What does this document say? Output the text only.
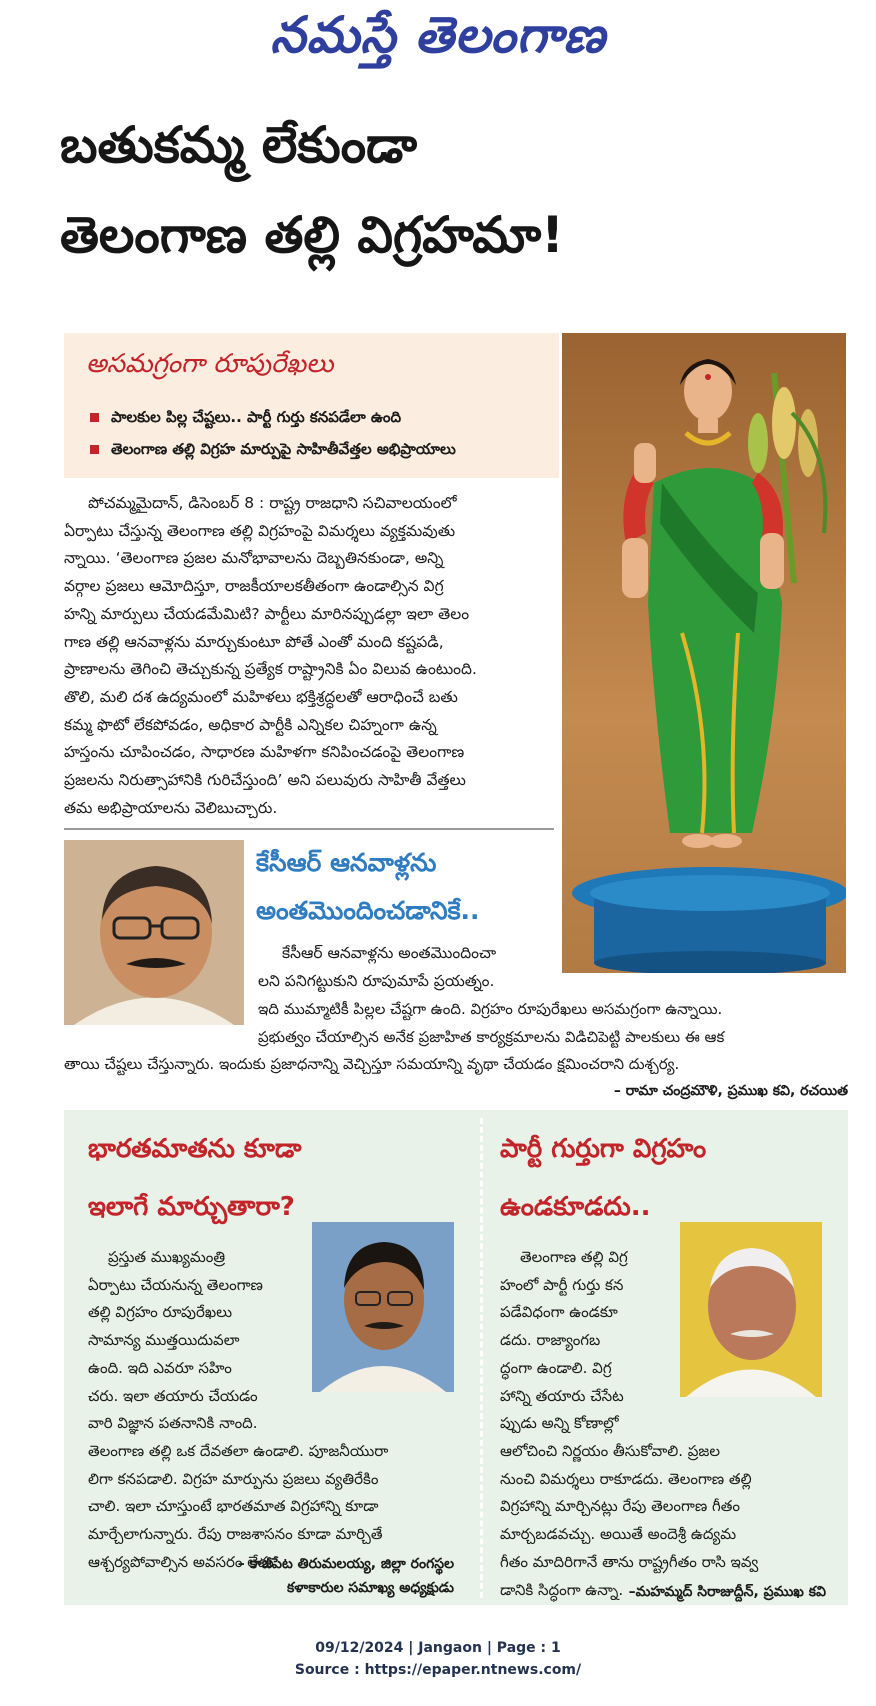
నమస్తే తెలంగాణ
బతుకమ్మ లేకుండా
తెలంగాణ తల్లి విగ్రహమా!
అసమగ్రంగా రూపురేఖలు
పాలకుల పిల్ల చేష్టలు.. పార్టీ గుర్తు కనపడేలా ఉంది
తెలంగాణ తల్లి విగ్రహ మార్పుపై సాహితీవేత్తల అభిప్రాయాలు
పోచమ్మమైదాన్, డిసెంబర్ 8 : రాష్ట్ర రాజధాని సచివాలయంలో
ఏర్పాటు చేస్తున్న తెలంగాణ తల్లి విగ్రహంపై విమర్శలు వ్యక్తమవుతు
న్నాయి. ‘తెలంగాణ ప్రజల మనోభావాలను దెబ్బతినకుండా, అన్ని
వర్గాల ప్రజలు ఆమోదిస్తూ, రాజకీయాలకతీతంగా ఉండాల్సిన విగ్ర
హన్ని మార్పులు చేయడమేమిటి? పార్టీలు మారినప్పుడల్లా ఇలా తెలం
గాణ తల్లి ఆనవాళ్లను మార్చుకుంటూ పోతే ఎంతో మంది కష్టపడి,
ప్రాణాలను తెగించి తెచ్చుకున్న ప్రత్యేక రాష్ట్రానికి ఏం విలువ ఉంటుంది.
తొలి, మలి దశ ఉద్యమంలో మహిళలు భక్తిశ్రద్ధలతో ఆరాధించే బతు
కమ్మ ఫొటో లేకపోవడం, అధికార పార్టీకి ఎన్నికల చిహ్నంగా ఉన్న
హస్తంను చూపించడం, సాధారణ మహిళగా కనిపించడంపై తెలంగాణ
ప్రజలను నిరుత్సాహానికి గురిచేస్తుంది’ అని పలువురు సాహితీ వేత్తలు
తమ అభిప్రాయాలను వెలిబుచ్చారు.
కేసీఆర్ ఆనవాళ్లను
అంతమొందించడానికే..
కేసీఆర్ ఆనవాళ్లను అంతమొందించా
లని పనిగట్టుకుని రూపుమాపే ప్రయత్నం.
ఇది ముమ్మాటికీ పిల్లల చేష్టగా ఉంది. విగ్రహం రూపురేఖలు అసమగ్రంగా ఉన్నాయి.
ప్రభుత్వం చేయాల్సిన అనేక ప్రజాహిత కార్యక్రమాలను విడిచిపెట్టి పాలకులు ఈ ఆక
తాయి చేష్టలు చేస్తున్నారు. ఇందుకు ప్రజాధనాన్ని వెచ్చిస్తూ సమయాన్ని వృథా చేయడం క్షమించరాని దుశ్చర్య.
– రామా చంద్రమౌళి, ప్రముఖ కవి, రచయిత
భారతమాతను కూడా
ఇలాగే మార్చుతారా?
ప్రస్తుత ముఖ్యమంత్రి
ఏర్పాటు చేయనున్న తెలంగాణ
తల్లి విగ్రహం రూపురేఖలు
సామాన్య ముత్తయిదువలా
ఉంది. ఇది ఎవరూ సహిం
చరు. ఇలా తయారు చేయడం
వారి విజ్ఞాన పతనానికి నాంది.
తెలంగాణ తల్లి ఒక దేవతలా ఉండాలి. పూజనీయురా
లిగా కనపడాలి. విగ్రహ మార్పును ప్రజలు వ్యతిరేకిం
చాలి. ఇలా చూస్తుంటే భారతమాత విగ్రహాన్ని కూడా
మార్చేలాగున్నారు. రేపు రాజశాసనం కూడా మార్చితే
ఆశ్చర్యపోవాల్సిన అవసరం లేదు.
– కాజీపేట తిరుమలయ్య, జిల్లా రంగస్థల
కళాకారుల సమాఖ్య అధ్యక్షుడు
పార్టీ గుర్తుగా విగ్రహం
ఉండకూడదు..
తెలంగాణ తల్లి విగ్ర
హంలో పార్టీ గుర్తు కన
పడేవిధంగా ఉండకూ
డదు. రాజ్యాంగబ
ద్ధంగా ఉండాలి. విగ్ర
హాన్ని తయారు చేసేట
ప్పుడు అన్ని కోణాల్లో
ఆలోచించి నిర్ణయం తీసుకోవాలి. ప్రజల
నుంచి విమర్శలు రాకూడదు. తెలంగాణ తల్లి
విగ్రహాన్ని మార్చినట్లు రేపు తెలంగాణ గీతం
మార్చబడవచ్చు. అయితే అందెశ్రీ ఉద్యమ
గీతం మాదిరిగానే తాను రాష్ట్రగీతం రాసి ఇవ్వ
డానికి సిద్ధంగా ఉన్నా. –మహమ్మద్ సిరాజుద్దీన్, ప్రముఖ కవి
09/12/2024 | Jangaon | Page : 1
Source : https://epaper.ntnews.com/
